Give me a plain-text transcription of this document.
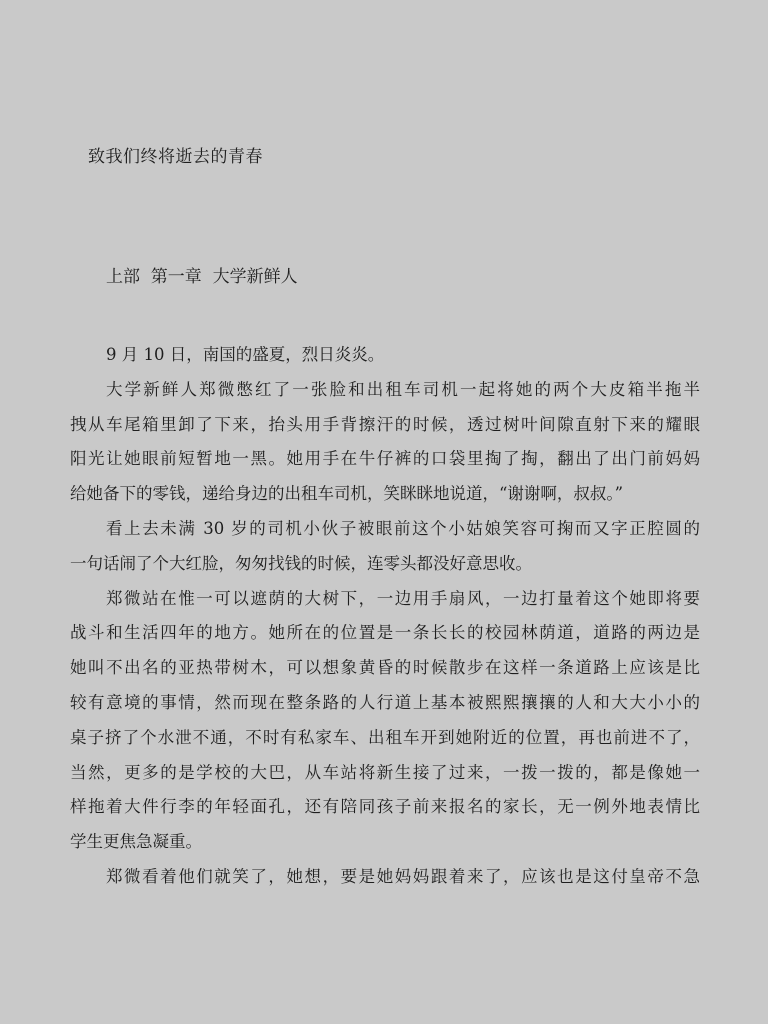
致我们终将逝去的青春
上部  第一章  大学新鲜人
9 月 10 日，南国的盛夏，烈日炎炎。
大学新鲜人郑微憋红了一张脸和出租车司机一起将她的两个大皮箱半拖半
拽从车尾箱里卸了下来，抬头用手背擦汗的时候，透过树叶间隙直射下来的耀眼
阳光让她眼前短暂地一黑。她用手在牛仔裤的口袋里掏了掏，翻出了出门前妈妈
给她备下的零钱，递给身边的出租车司机，笑眯眯地说道，“谢谢啊，叔叔。”
看上去未满 30 岁的司机小伙子被眼前这个小姑娘笑容可掬而又字正腔圆的
一句话闹了个大红脸，匆匆找钱的时候，连零头都没好意思收。
郑微站在惟一可以遮荫的大树下，一边用手扇风，一边打量着这个她即将要
战斗和生活四年的地方。她所在的位置是一条长长的校园林荫道，道路的两边是
她叫不出名的亚热带树木，可以想象黄昏的时候散步在这样一条道路上应该是比
较有意境的事情，然而现在整条路的人行道上基本被熙熙攘攘的人和大大小小的
桌子挤了个水泄不通，不时有私家车、出租车开到她附近的位置，再也前进不了，
当然，更多的是学校的大巴，从车站将新生接了过来，一拨一拨的，都是像她一
样拖着大件行李的年轻面孔，还有陪同孩子前来报名的家长，无一例外地表情比
学生更焦急凝重。
郑微看着他们就笑了，她想，要是她妈妈跟着来了，应该也是这付皇帝不急
